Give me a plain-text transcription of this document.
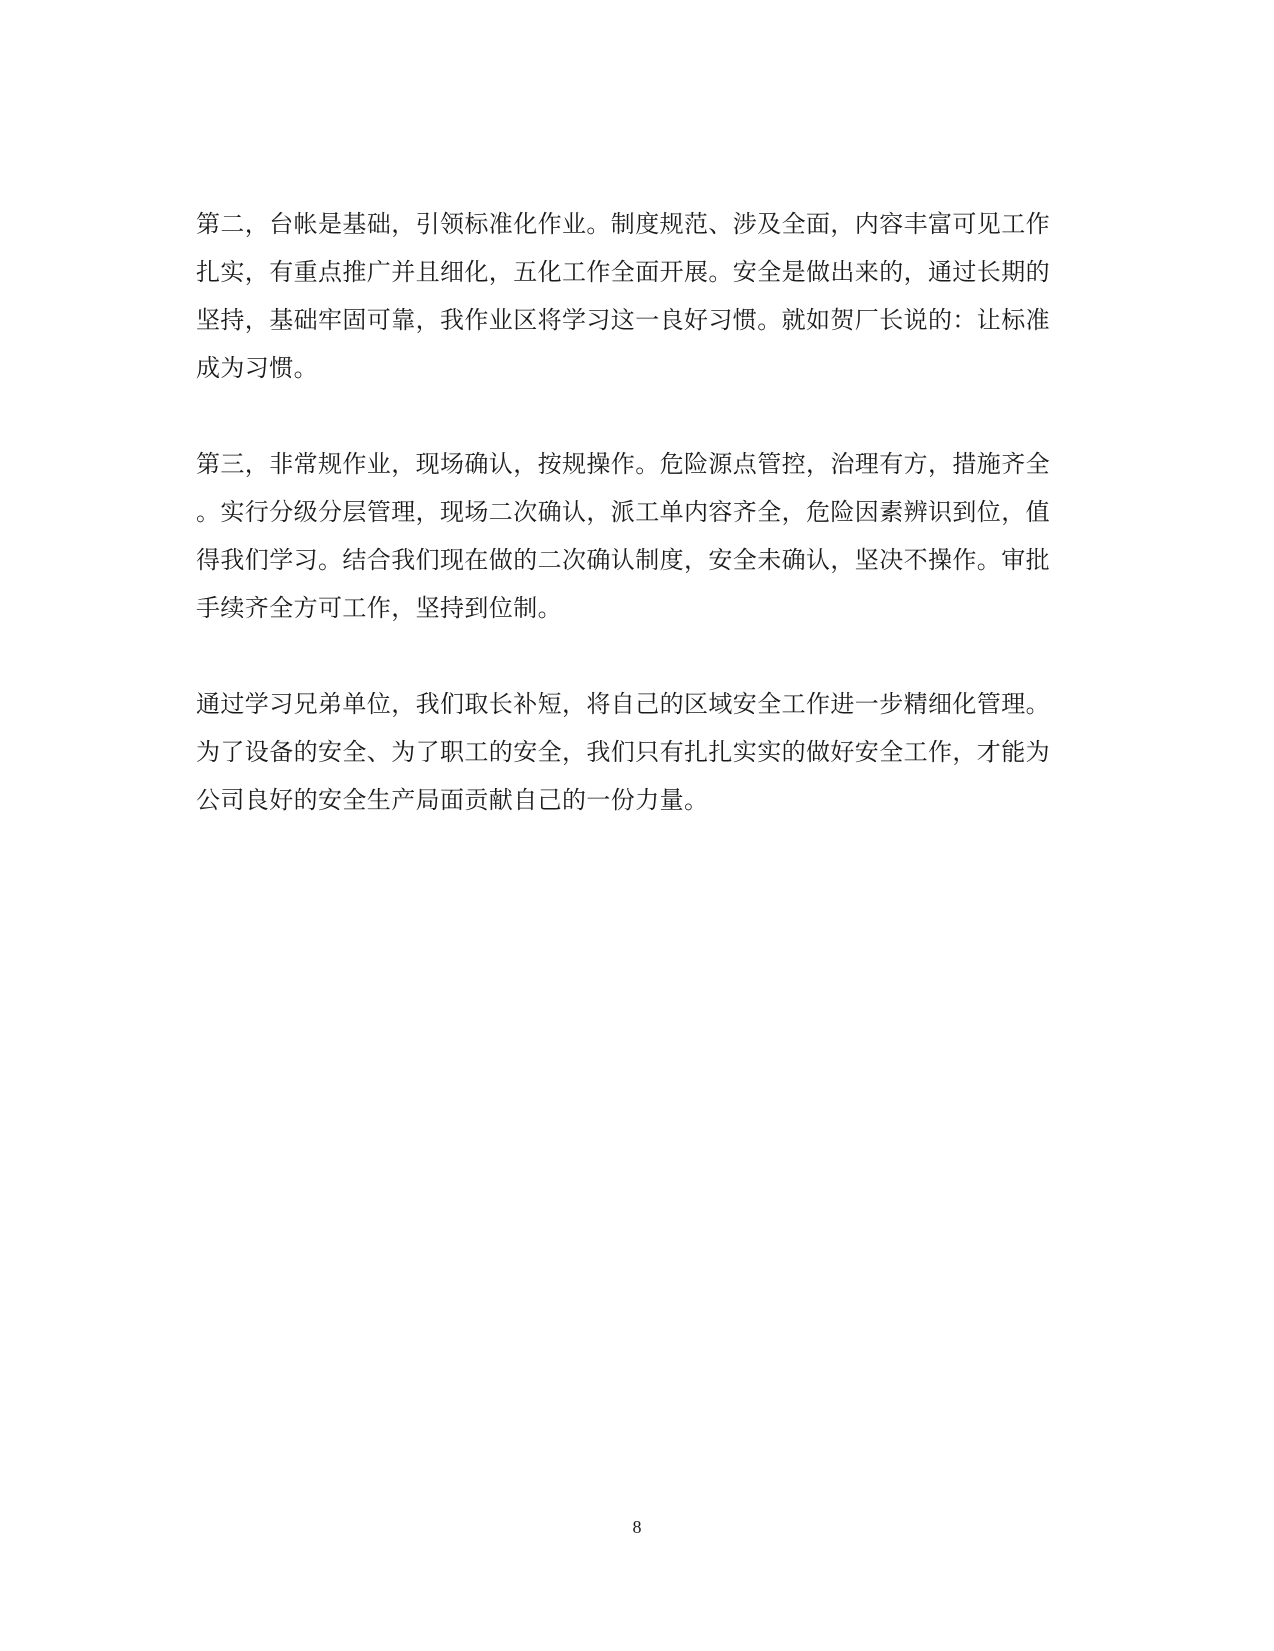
第二，台帐是基础，引领标准化作业。制度规范、涉及全面，内容丰富可见工作
扎实，有重点推广并且细化，五化工作全面开展。安全是做出来的，通过长期的
坚持，基础牢固可靠，我作业区将学习这一良好习惯。就如贺厂长说的：让标准
成为习惯。
第三，非常规作业，现场确认，按规操作。危险源点管控，治理有方，措施齐全
。实行分级分层管理，现场二次确认，派工单内容齐全，危险因素辨识到位，值
得我们学习。结合我们现在做的二次确认制度，安全未确认，坚决不操作。审批
手续齐全方可工作，坚持到位制。
通过学习兄弟单位，我们取长补短，将自己的区域安全工作进一步精细化管理。
为了设备的安全、为了职工的安全，我们只有扎扎实实的做好安全工作，才能为
公司良好的安全生产局面贡献自己的一份力量。
8
